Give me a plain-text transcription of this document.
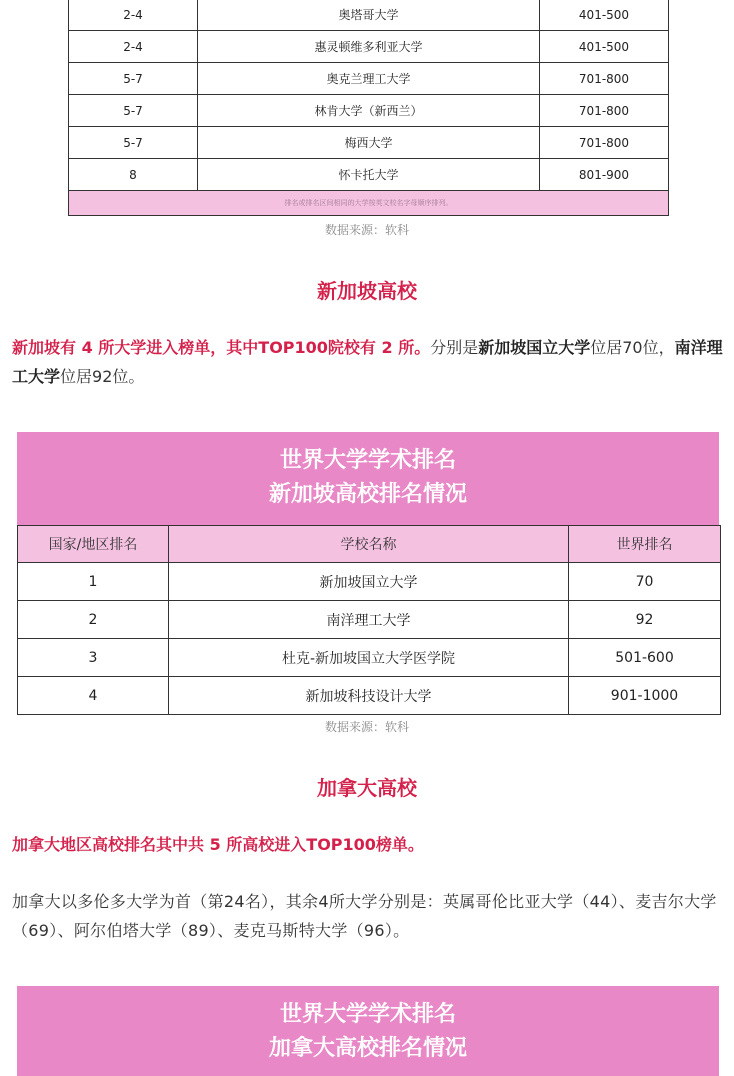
2-4	奥塔哥大学	401-500
2-4	惠灵顿维多利亚大学	401-500
5-7	奥克兰理工大学	701-800
5-7	林肯大学（新西兰）	701-800
5-7	梅西大学	701-800
8	怀卡托大学	801-900
排名或排名区间相同的大学按英文校名字母顺序排列。		
数据来源：软科
新加坡高校
新加坡有 4 所大学进入榜单，其中TOP100院校有 2 所。分别是新加坡国立大学位居70位，南洋理工大学位居92位。
世界大学学术排名
新加坡高校排名情况
国家/地区排名	学校名称	世界排名
1	新加坡国立大学	70
2	南洋理工大学	92
3	杜克-新加坡国立大学医学院	501-600
4	新加坡科技设计大学	901-1000
数据来源：软科
加拿大高校
加拿大地区高校排名其中共 5 所高校进入TOP100榜单。
加拿大以多伦多大学为首（第24名），其余4所大学分别是：英属哥伦比亚大学（44）、麦吉尔大学（69）、阿尔伯塔大学（89）、麦克马斯特大学（96）。
世界大学学术排名
加拿大高校排名情况
